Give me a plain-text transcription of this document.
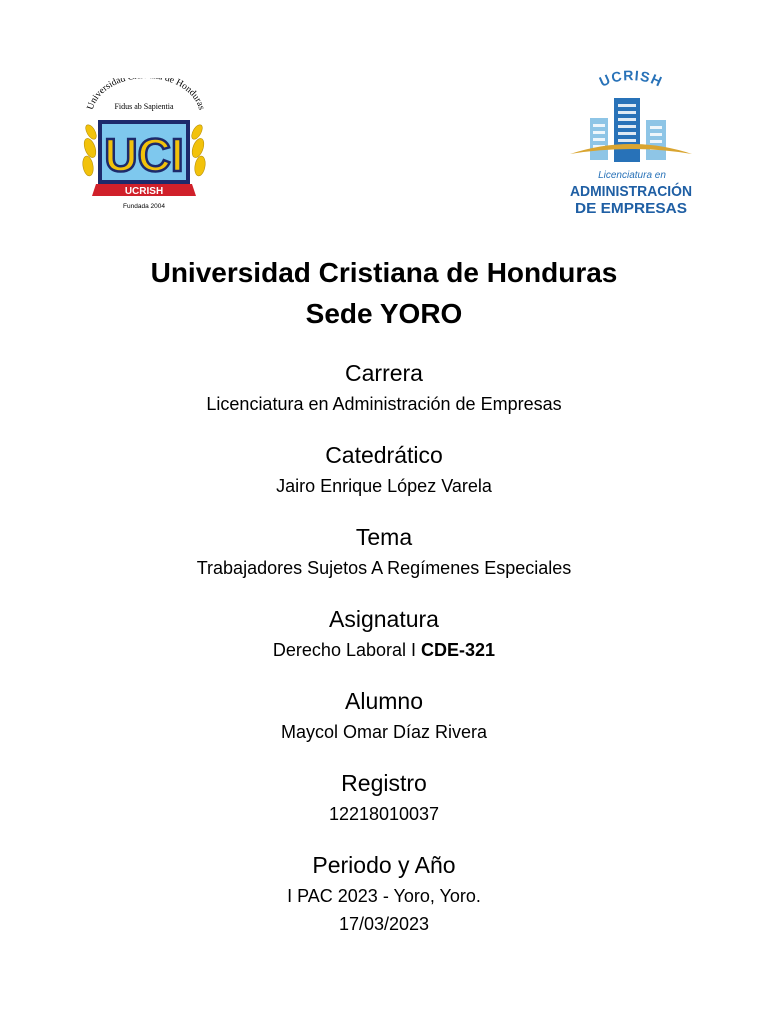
Universidad de Honduras
Fidus ab Sapientia
UCI
UCRISH
Fundada 2004
UCRISH
Licenciatura en
ADMINISTRACIÓN
DE EMPRESAS
Universidad Cristiana de Honduras
Sede YORO
Carrera
Licenciatura en Administración de Empresas
Catedrático
Jairo Enrique López Varela
Tema
Trabajadores Sujetos A Regímenes Especiales
Asignatura
Derecho Laboral I CDE-321
Alumno
Maycol Omar Díaz Rivera
Registro
12218010037
Periodo y Año
I PAC 2023 - Yoro, Yoro.
17/03/2023
